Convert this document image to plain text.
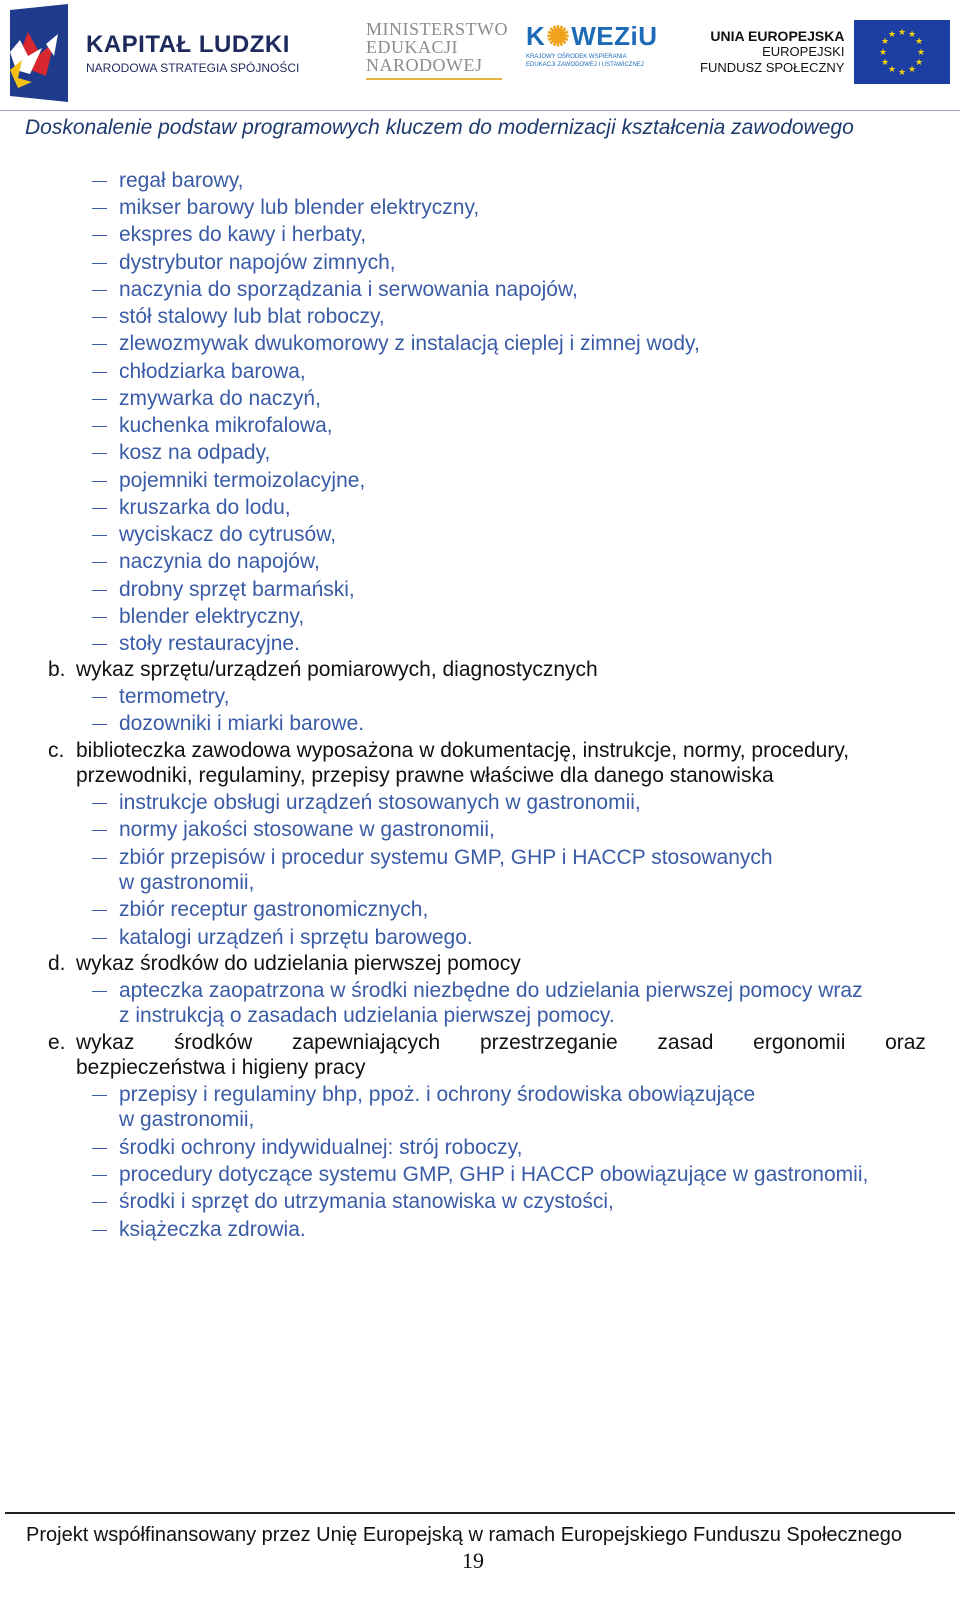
KAPITAŁ LUDZKI
NARODOWA STRATEGIA SPÓJNOŚCI
MINISTERSTWO
EDUKACJI
NARODOWEJ
K ✺ WEZiU
KRAJOWY OŚRODEK WSPIERANIA
EDUKACJI ZAWODOWEJ I USTAWICZNEJ
UNIA EUROPEJSKA
EUROPEJSKI
FUNDUSZ SPOŁECZNY
★ ★
★
★
★
★
★
★
★
★
★
★
Doskonalenie podstaw programowych kluczem do modernizacji kształcenia zawodowego
regał barowy,
mikser barowy lub blender elektryczny,
ekspres do kawy i herbaty,
dystrybutor napojów zimnych,
naczynia do sporządzania i serwowania napojów,
stół stalowy lub blat roboczy,
zlewozmywak dwukomorowy z instalacją cieplej i zimnej wody,
chłodziarka barowa,
zmywarka do naczyń,
kuchenka mikrofalowa,
kosz na odpady,
pojemniki termoizolacyjne,
kruszarka do lodu,
wyciskacz do cytrusów,
naczynia do napojów,
drobny sprzęt barmański,
blender elektryczny,
stoły restauracyjne.
b. wykaz sprzętu/urządzeń pomiarowych, diagnostycznych
termometry,
dozowniki i miarki barowe.
c. biblioteczka zawodowa wyposażona w dokumentację, instrukcje, normy, procedury,
przewodniki, regulaminy, przepisy prawne właściwe dla danego stanowiska
instrukcje obsługi urządzeń stosowanych w gastronomii,
normy jakości stosowane w gastronomii,
zbiór przepisów i procedur systemu GMP, GHP i HACCP stosowanych
w gastronomii,
zbiór receptur gastronomicznych,
katalogi urządzeń i sprzętu barowego.
d. wykaz środków do udzielania pierwszej pomocy
apteczka zaopatrzona w środki niezbędne do udzielania pierwszej pomocy wraz
z instrukcją o zasadach udzielania pierwszej pomocy.
e. wykaz środków zapewniających przestrzeganie zasad ergonomii oraz
bezpieczeństwa i higieny pracy
przepisy i regulaminy bhp, ppoż. i ochrony środowiska obowiązujące
w gastronomii,
środki ochrony indywidualnej: strój roboczy,
procedury dotyczące systemu GMP, GHP i HACCP obowiązujące w gastronomii,
środki i sprzęt do utrzymania stanowiska w czystości,
książeczka zdrowia.
Projekt współfinansowany przez Unię Europejską w ramach Europejskiego Funduszu Społecznego
19
